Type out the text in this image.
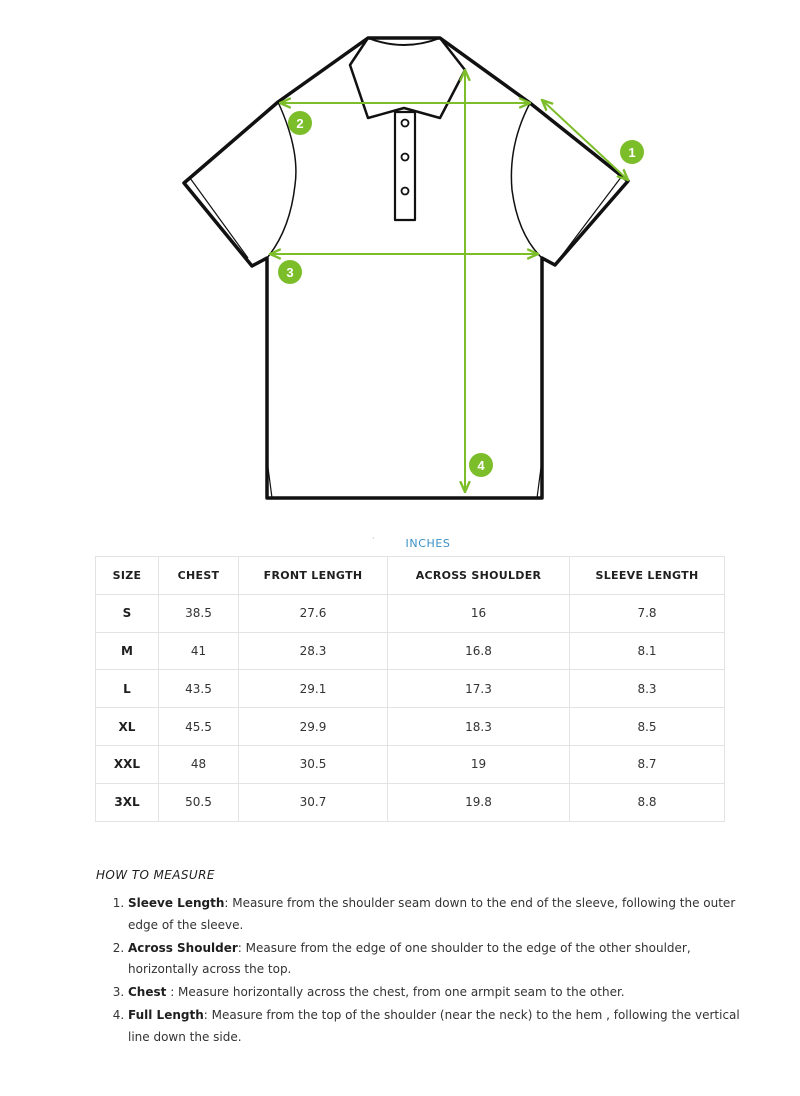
1
2
3
4
·	INCHES
SIZE	CHEST	FRONT LENGTH	ACROSS SHOULDER	SLEEVE LENGTH
S	38.5	27.6	16	7.8
M	41	28.3	16.8	8.1
L	43.5	29.1	17.3	8.3
XL	45.5	29.9	18.3	8.5
XXL	48	30.5	19	8.7
3XL	50.5	30.7	19.8	8.8
HOW TO MEASURE
1. Sleeve Length: Measure from the shoulder seam down to the end of the sleeve, following the outer edge of the sleeve.
2. Across Shoulder: Measure from the edge of one shoulder to the edge of the other shoulder, horizontally across the top.
3. Chest : Measure horizontally across the chest, from one armpit seam to the other.
4. Full Length: Measure from the top of the shoulder (near the neck) to the hem , following the vertical line down the side.
